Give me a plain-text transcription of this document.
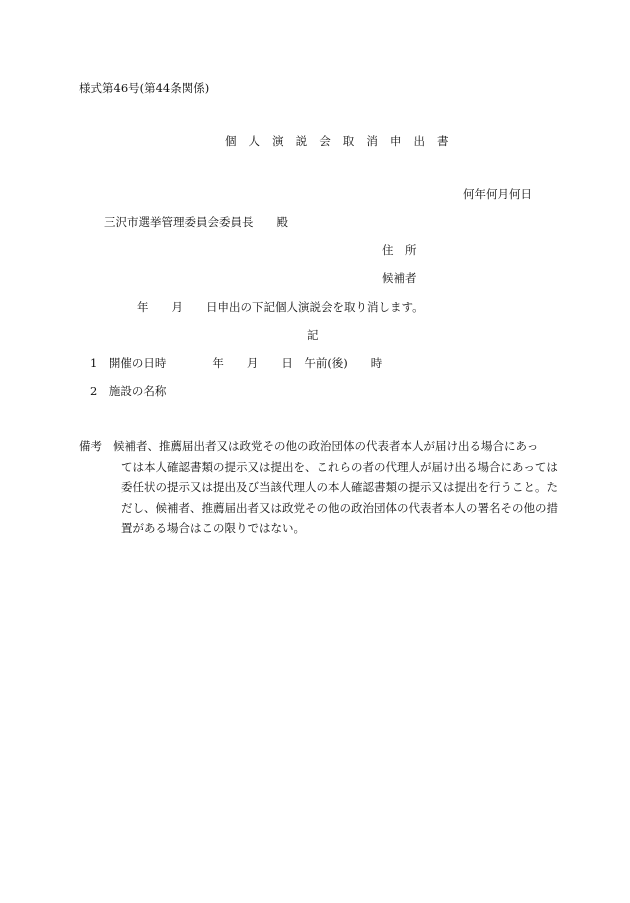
様式第46号(第44条関係)
個 人 演 説 会 取 消 申 出 書
何年何月何日
三沢市選挙管理委員会委員長　　殿
住　所
候補者
年　　月　　日申出の下記個人演説会を取り消します。
記
1　開催の日時　　　　年　　月　　日　午前(後)　　時
2　施設の名称
備考 候補者、推薦届出者又は政党その他の政治団体の代表者本人が届け出る場合にあっ
ては本人確認書類の提示又は提出を、これらの者の代理人が届け出る場合にあっては
委任状の提示又は提出及び当該代理人の本人確認書類の提示又は提出を行うこと。た
だし、候補者、推薦届出者又は政党その他の政治団体の代表者本人の署名その他の措
置がある場合はこの限りではない。
